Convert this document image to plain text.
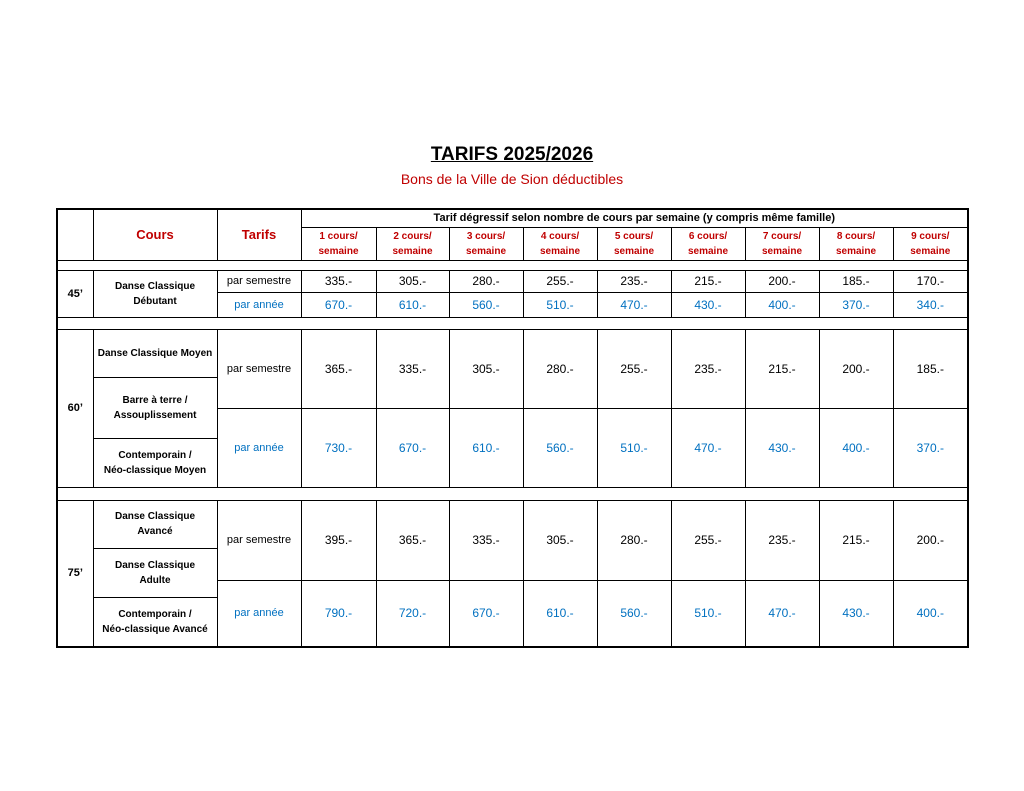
TARIFS 2025/2026
Bons de la Ville de Sion déductibles
	Cours	Tarifs	Tarif dégressif selon nombre de cours par semaine (y compris même famille)								
			1 cours/
semaine	2 cours/
semaine	3 cours/
semaine	4 cours/
semaine	5 cours/
semaine	6 cours/
semaine	7 cours/
semaine	8 cours/
semaine	9 cours/
semaine

45’	Danse Classique
Débutant	par semestre	335.-	305.-	280.-	255.-	235.-	215.-	200.-	185.-	170.-
		par année	670.-	610.-	560.-	510.-	470.-	430.-	400.-	370.-	340.-

60’	Danse Classique Moyen	par semestre	365.-	335.-	305.-	280.-	255.-	235.-	215.-	200.-	185.-
	Barre à terre /
Assouplissement										
		par année	730.-	670.-	610.-	560.-	510.-	470.-	430.-	400.-	370.-
	Contemporain /
Néo-classique Moyen										

75’	Danse Classique
Avancé	par semestre	395.-	365.-	335.-	305.-	280.-	255.-	235.-	215.-	200.-
	Danse Classique
Adulte										
		par année	790.-	720.-	670.-	610.-	560.-	510.-	470.-	430.-	400.-
	Contemporain /
Néo-classique Avancé										
